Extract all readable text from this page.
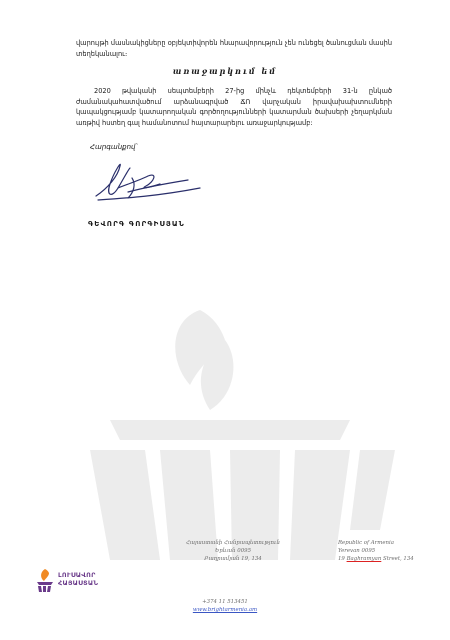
վարույթի մասնակիցները օբյեկտիվորեն հնարավորություն չեն ունեցել ծանուցման մասին տեղեկանալու։

առաջարկում եմ

2020 թվականի սեպտեմբերի 27-ից մինչև դեկտեմբերի 31-ն ընկած ժամանակահատվածում արձանագրված ՃՈ վարչական իրավախախտումների կապակցությամբ կատարողական գործողությունների կատարման ծախսերի չեղարկման առթիվ հստեղ գալ համանոտում հայտարարելու առաջարկությամբ:

Հարգանքով՝
ԳԵՎՈՐԳ ԳՈՐԳԻՍՅԱՆ
ԼՈՒՍԱՎՈՐ
ՀԱՅԱՍՏԱՆ
Հայաստանի Հանրապետություն
Երևան 0095
Բաղրամյան 19, 134
Republic of Armenia
Yerevan 0095
19 Baghramyan Street, 134
+374 11 513451
www.brightarmenia.am
